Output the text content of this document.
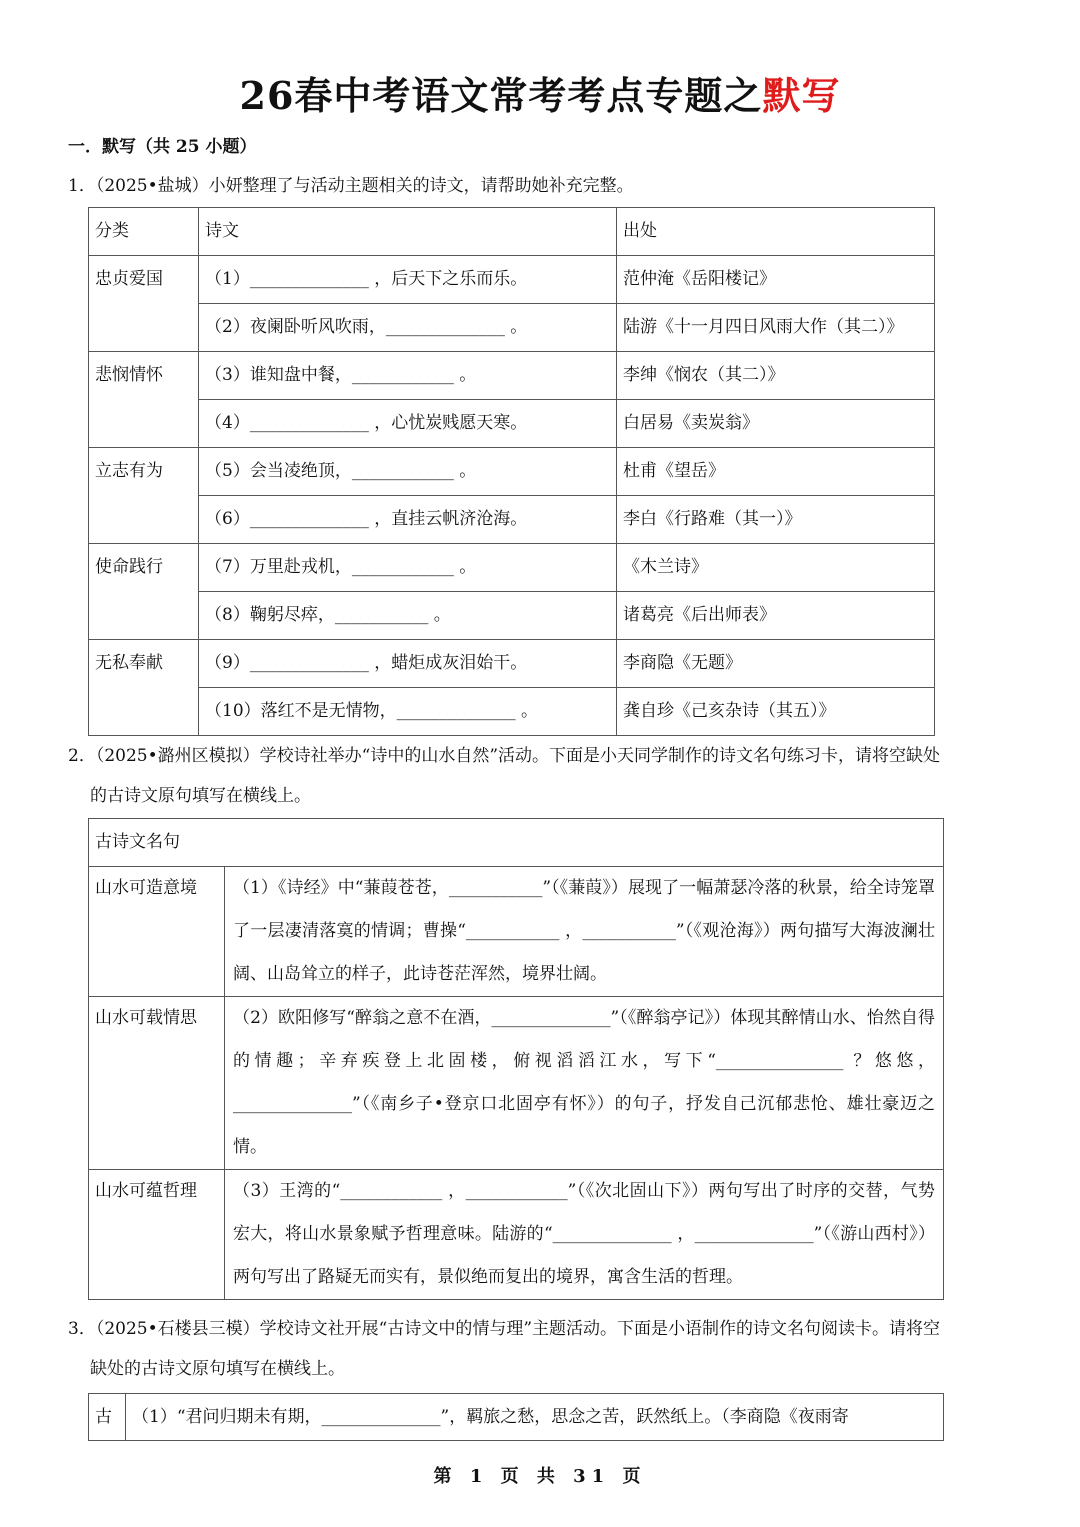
26春中考语文常考考点专题之默写
一．默写（共 25 小题）
1．（2025•盐城）小妍整理了与活动主题相关的诗文，请帮助她补充完整。
分类	诗文	出处
忠贞爱国	（1）______________ ，后天下之乐而乐。	范仲淹《岳阳楼记》
	（2）夜阑卧听风吹雨，______________ 。	陆游《十一月四日风雨大作（其二）》
悲悯情怀	（3）谁知盘中餐，____________ 。	李绅《悯农（其二）》
	（4）______________ ，心忧炭贱愿天寒。	白居易《卖炭翁》
立志有为	（5）会当凌绝顶，____________ 。	杜甫《望岳》
	（6）______________ ，直挂云帆济沧海。	李白《行路难（其一）》
使命践行	（7）万里赴戎机，____________ 。	《木兰诗》
	（8）鞠躬尽瘁，___________ 。	诸葛亮《后出师表》
无私奉献	（9）______________ ，蜡炬成灰泪始干。	李商隐《无题》
	（10）落红不是无情物，______________ 。	龚自珍《己亥杂诗（其五）》
2．（2025•潞州区模拟）学校诗社举办“诗中的山水自然”活动。下面是小天同学制作的诗文名句练习卡，请将空缺处
的古诗文原句填写在横线上。
古诗文名句	
山水可造意境	（1）《诗经》中“蒹葭苍苍，___________”（《蒹葭》）展现了一幅萧瑟冷落的秋景，给全诗笼罩了一层凄清落寞的情调；曹操“___________ ，___________”（《观沧海》）两句描写大海波澜壮阔、山岛耸立的样子，此诗苍茫浑然，境界壮阔。
山水可载情思	（2）欧阳修写“醉翁之意不在酒，______________”（《醉翁亭记》）体现其醉情山水、怡然自得的情趣；辛弃疾登上北固楼，俯视滔滔江水，写下“_______________ ？悠悠，______________”（《南乡子•登京口北固亭有怀》）的句子，抒发自己沉郁悲怆、雄壮豪迈之情。
山水可蕴哲理	（3）王湾的“____________ ，____________”（《次北固山下》）两句写出了时序的交替，气势宏大，将山水景象赋予哲理意味。陆游的“______________ ，______________”（《游山西村》）两句写出了路疑无而实有，景似绝而复出的境界，寓含生活的哲理。
3．（2025•石楼县三模）学校诗文社开展“古诗文中的情与理”主题活动。下面是小语制作的诗文名句阅读卡。请将空
缺处的古诗文原句填写在横线上。
古	（1）“君问归期未有期，______________”，羁旅之愁，思念之苦，跃然纸上。（李商隐《夜雨寄
第 1 页 共 31 页
